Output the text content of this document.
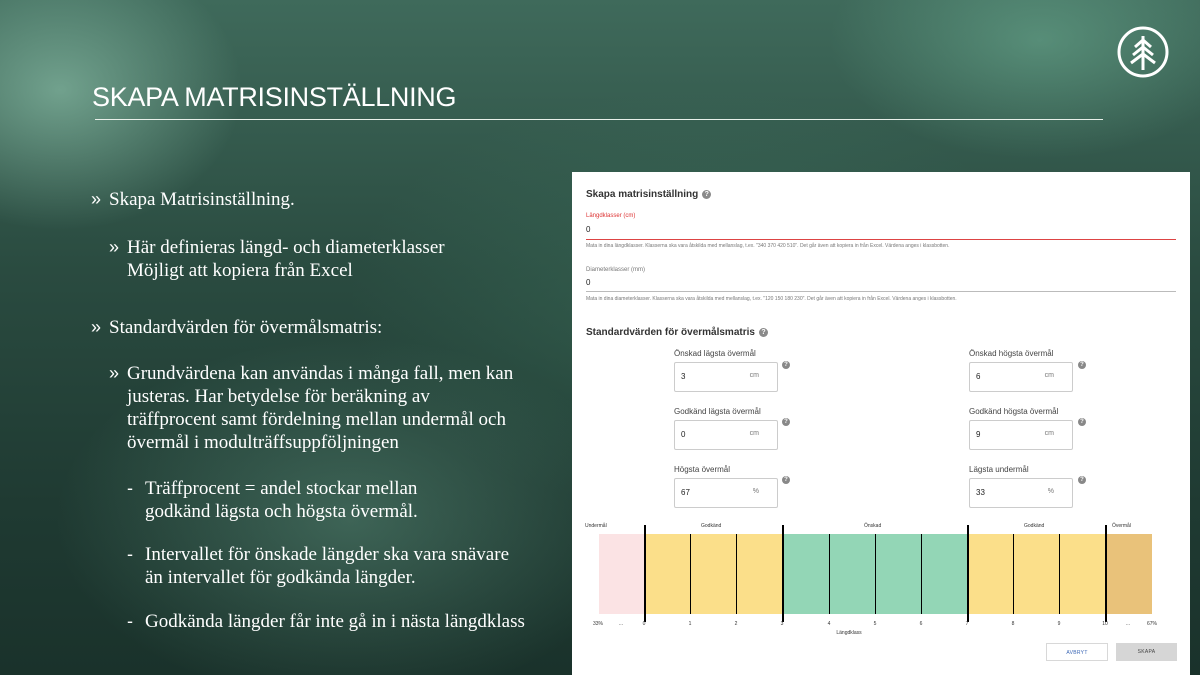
SKAPA MATRISINSTÄLLNING
» Skapa Matrisinställning.
» Här definieras längd- och diameterklasser
Möjligt att kopiera från Excel
» Standardvärden för övermålsmatris:
» Grundvärdena kan användas i många fall, men kan
justeras. Har betydelse för beräkning av
träffprocent samt fördelning mellan undermål och
övermål i modulträffsuppföljningen
- Träffprocent = andel stockar mellan
godkänd lägsta och högsta övermål.
- Intervallet för önskade längder ska vara snävare
än intervallet för godkända längder.
- Godkända längder får inte gå in i nästa längdklass
Skapa matrisinställning ?
Längdklasser (cm)
0
Mata in dina längdklasser. Klasserna ska vara åtskilda med mellanslag, t.ex. "340 370 420 510". Det går även att kopiera in från Excel. Värdena anges i klassbotten.
Diameterklasser (mm)
0
Mata in dina diameterklasser. Klasserna ska vara åtskilda med mellanslag, t.ex. "120 150 180 230". Det går även att kopiera in från Excel. Värdena anges i klassbotten.
Standardvärden för övermålsmatris ?
Önskad lägsta övermål
3	cm
?
Godkänd lägsta övermål
0	cm
?
Högsta övermål
67	%
?
Önskad högsta övermål
6	cm
?
Godkänd högsta övermål
9	cm
?
Lägsta undermål
33	%
?
Undermål	Godkänd	Önskad	Godkänd	Övermål
33%	...	0	1	2	3	4	5	6	7	8	9	10	...	67%
Längdklass
AVBRYT	SKAPA
